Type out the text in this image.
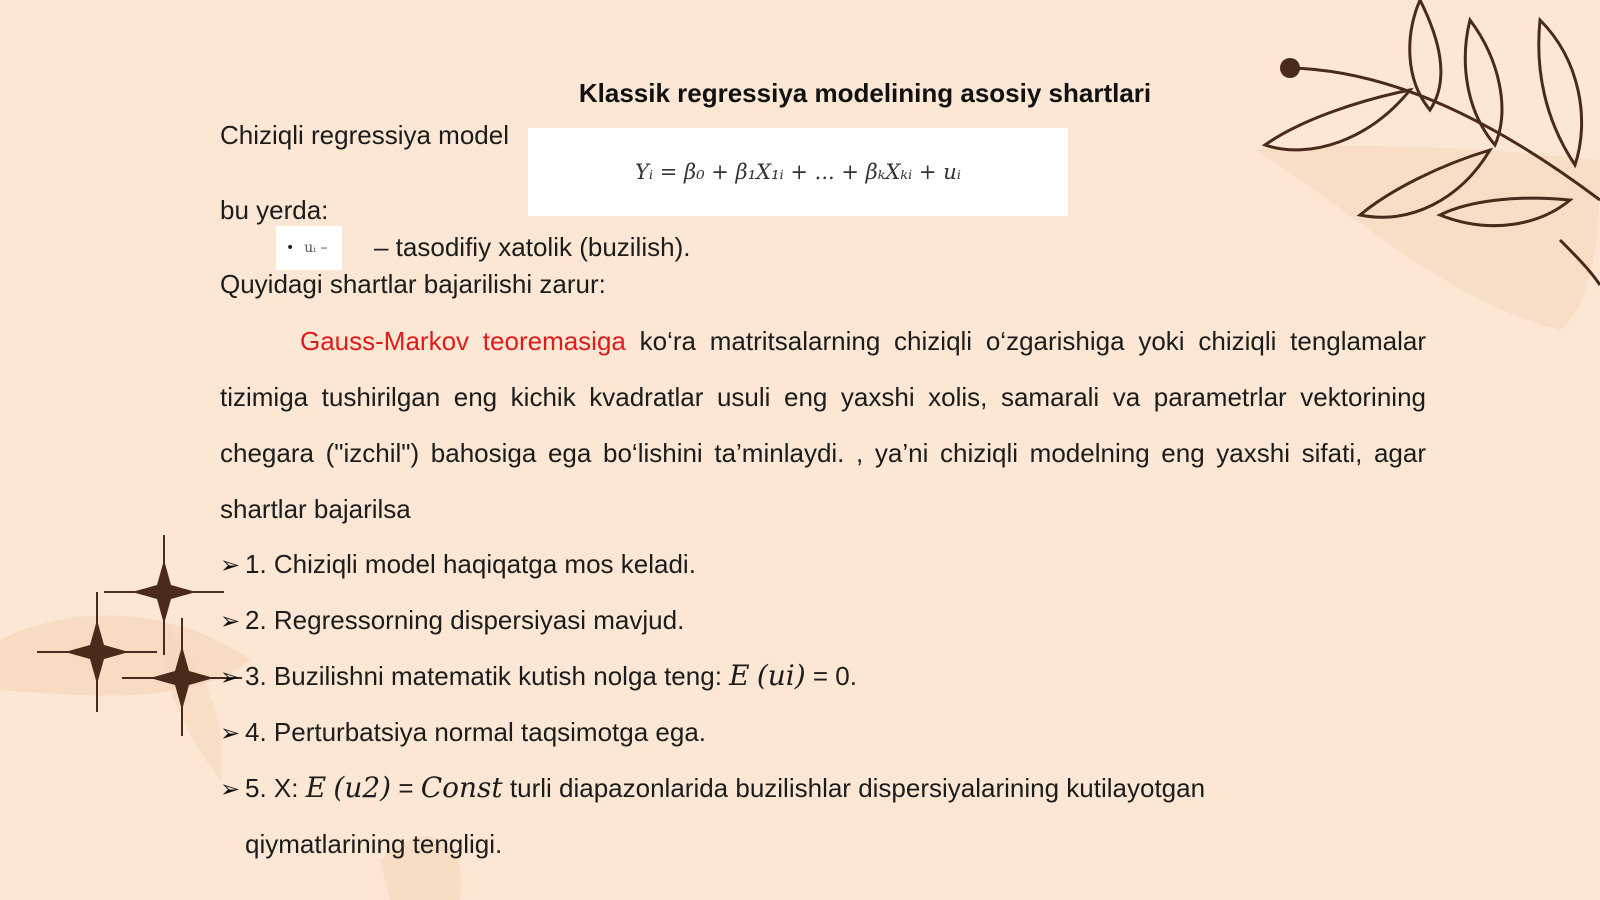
Klassik regressiya modelining asosiy shartlari
Chiziqli regressiya model
Yᵢ = β₀ + β₁X₁ᵢ + ... + βₖXₖᵢ + uᵢ
bu yerda:
• uᵢ – – tasodifiy xatolik (buzilish).
Quyidagi shartlar bajarilishi zarur:
Gauss-Markov teoremasiga ko‘ra matritsalarning chiziqli o‘zgarishiga yoki chiziqli tenglamalar tizimiga tushirilgan eng kichik kvadratlar usuli eng yaxshi xolis, samarali va parametrlar vektorining chegara ("izchil") bahosiga ega bo‘lishini ta’minlaydi. , ya’ni chiziqli modelning eng yaxshi sifati, agar shartlar bajarilsa
➢ 1. Chiziqli model haqiqatga mos keladi.
➢ 2. Regressorning dispersiyasi mavjud.
➢ 3. Buzilishni matematik kutish nolga teng: E (ui) = 0.
➢ 4. Perturbatsiya normal taqsimotga ega.
➢ 5. X: E (u2) = Const turli diapazonlarida buzilishlar dispersiyalarining kutilayotgan qiymatlarining tengligi.
